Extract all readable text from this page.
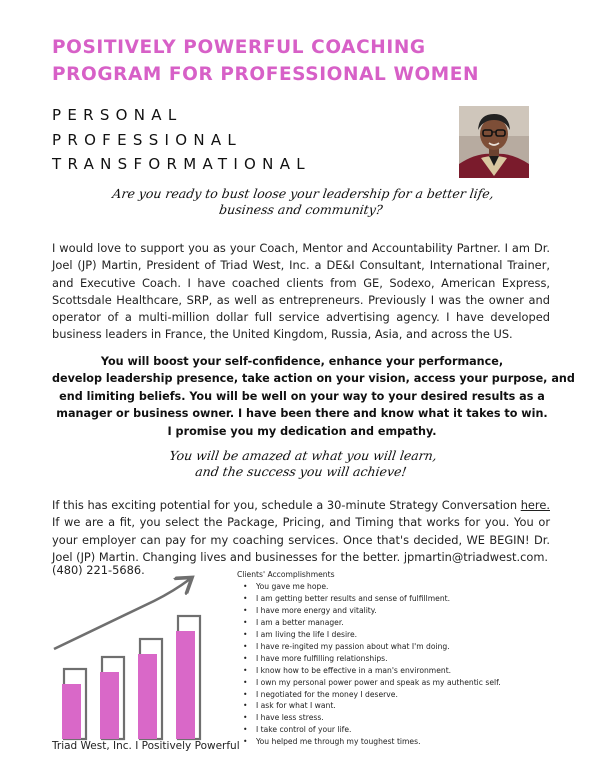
POSITIVELY POWERFUL COACHING
PROGRAM FOR PROFESSIONAL WOMEN
PERSONAL
PROFESSIONAL
TRANSFORMATIONAL
Are you ready to bust loose your leadership for a better life,
business and community?
I would love to support you as your Coach, Mentor and Accountability Partner. I am Dr. Joel (JP) Martin, President of Triad West, Inc. a DE&I Consultant, International Trainer, and Executive Coach. I have coached clients from GE, Sodexo, American Express, Scottsdale Healthcare, SRP, as well as entrepreneurs. Previously I was the owner and operator of a multi-million dollar full service advertising agency. I have developed business leaders in France, the United Kingdom, Russia, Asia, and across the US.
You will boost your self-confidence, enhance your performance,
develop leadership presence, take action on your vision, access your purpose, and
end limiting beliefs. You will be well on your way to your desired results as a
manager or business owner. I have been there and know what it takes to win.
I promise you my dedication and empathy.
You will be amazed at what you will learn,
and the success you will achieve!
If this has exciting potential for you, schedule a 30-minute Strategy Conversation here. If we are a fit, you select the Package, Pricing, and Timing that works for you. You or your employer can pay for my coaching services. Once that's decided, WE BEGIN! Dr. Joel (JP) Martin. Changing lives and businesses for the better. jpmartin@triadwest.com.
(480) 221-5686.	Clients' Accomplishments
• You gave me hope.
• I am getting better results and sense of fulfillment.
• I have more energy and vitality.
• I am a better manager.
• I am living the life I desire.
• I have re-ingited my passion about what I'm doing.
• I have more fulfilling relationships.
• I know how to be effective in a man's environment.
• I own my personal power power and speak as my authentic self.
• I negotiated for the money I deserve.
• I ask for what I want.
• I have less stress.
• I take control of your life.
• You helped me through my toughest times.
Triad West, Inc. I Positively Powerful
